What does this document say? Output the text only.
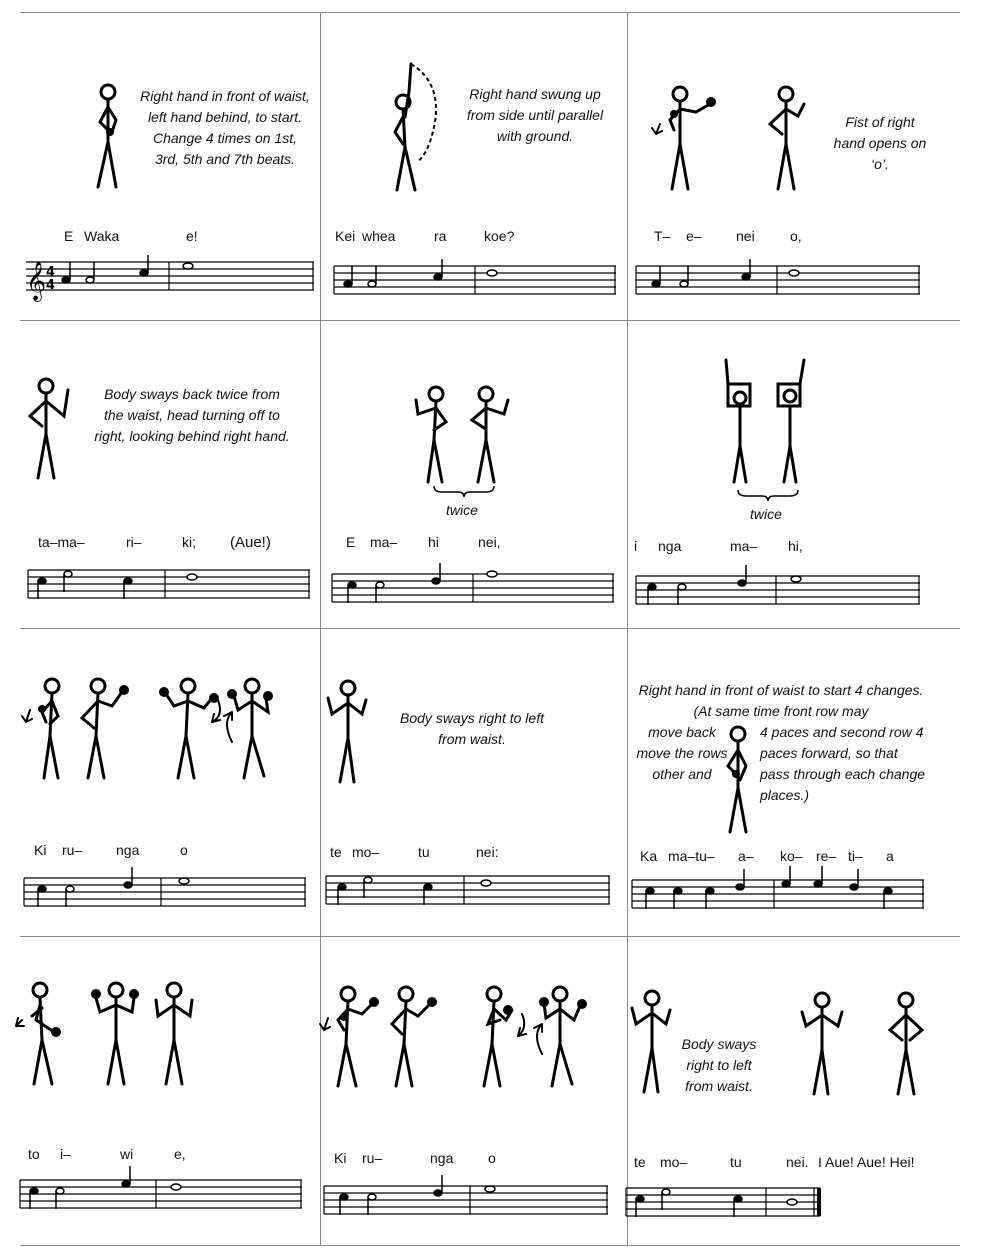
Right hand in front of waist, left hand behind, to start. Change 4 times on 1st, 3rd, 5th and 7th beats.
E Waka	e!
𝄞 4
4
Right hand swung up from side until parallel with ground.
Kei whea	ra	koe?
Fist of right hand opens on ‘o’.
T– e– nei	o,
Body sways back twice from the waist, head turning off to right, looking behind right hand.
ta–ma–	ri–	ki; (Aue!)
twice
E ma– hi	nei,
twice
i nga	ma– hi,
Ki ru– nga	o
Body sways right to left from waist.
te mo–	tu	nei:
Right hand in front of waist to start 4 changes. (At same time front row may
move back move the rows other and
4 paces and second row 4 paces forward, so that pass through each change places.)
Ka ma–tu– a– ko– re– ti– a
to i–	wi	e,	Ki ru–	nga o
Body sways right to left from waist.
te mo–	tu	nei. I Aue! Aue! Hei!
